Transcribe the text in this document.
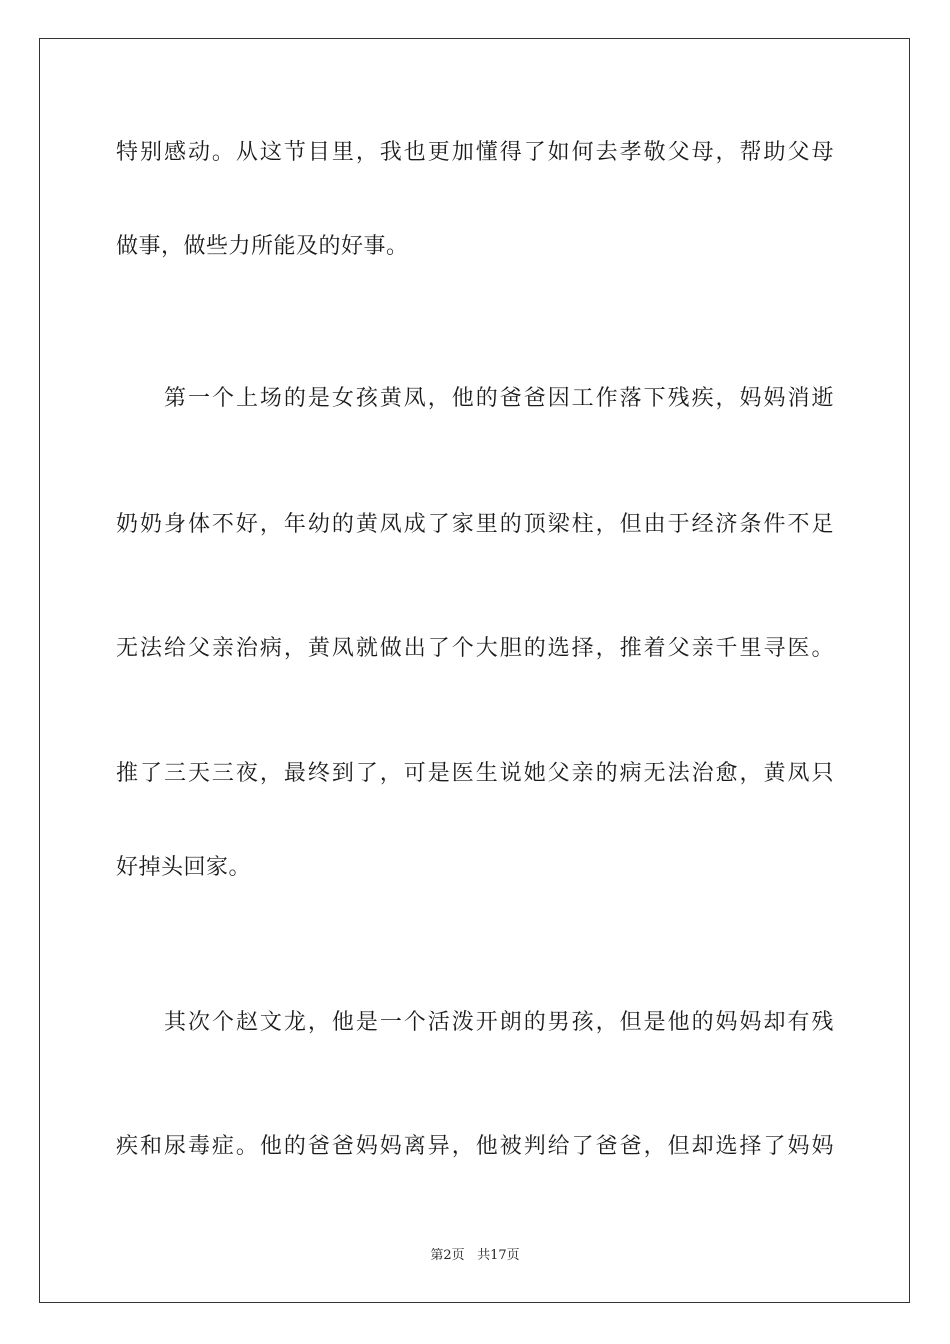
特别感动。从这节目里，我也更加懂得了如何去孝敬父母，帮助父母
做事，做些力所能及的好事。
第一个上场的是女孩黄凤，他的爸爸因工作落下残疾，妈妈消逝
奶奶身体不好，年幼的黄凤成了家里的顶梁柱，但由于经济条件不足
无法给父亲治病，黄凤就做出了个大胆的选择，推着父亲千里寻医。
推了三天三夜，最终到了，可是医生说她父亲的病无法治愈，黄凤只
好掉头回家。
其次个赵文龙，他是一个活泼开朗的男孩，但是他的妈妈却有残
疾和尿毒症。他的爸爸妈妈离异，他被判给了爸爸，但却选择了妈妈
第2页 共17页
